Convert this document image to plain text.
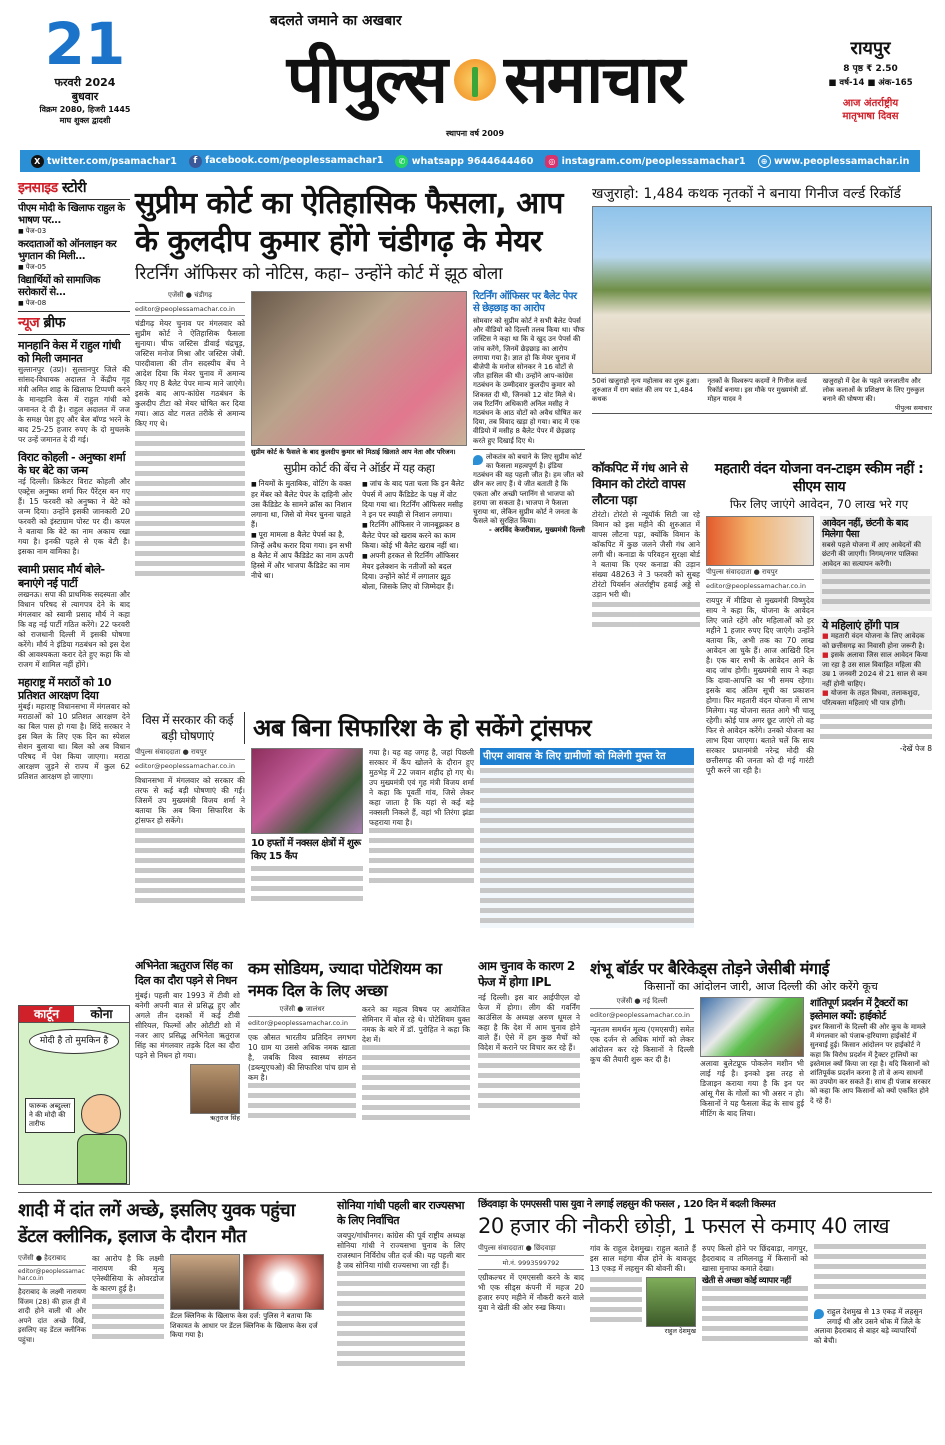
21
फरवरी 2024
बुधवार
विक्रम 2080, हिजरी 1445
माघ शुक्ल द्वादशी
बदलते जमाने का अखबार
पीपुल्स समाचार
स्थापना वर्ष 2009
रायपुर
8 पृष्ठ ₹ 2.50
■ वर्ष-14 ■ अंक-165
आज अंतर्राष्ट्रीय
मातृभाषा दिवस
X twitter.com/psamachar1	f facebook.com/peoplessamachar1	✆ whatsapp 9644644460	◎ instagram.com/peoplessamachar1	⊕ www.peoplessamachar.in
इनसाइड स्टोरी
पीएम मोदी के खिलाफ राहुल के भाषण पर...
■ पेज-03
करदाताओं को ऑनलाइन कर भुगतान की मिली...
■ पेज-05
विद्यार्थियों को सामाजिक सरोकारों से...
■ पेज-08
न्यूज ब्रीफ
मानहानि केस में राहुल गांधी को मिली जमानत

सुल्तानपुर (उप्र)। सुल्तानपुर जिले की सांसद-विधायक अदालत ने केंद्रीय गृह मंत्री अमित शाह के खिलाफ टिप्पणी करने के मानहानि केस में राहुल गांधी को जमानत दे दी है। राहुल अदालत में जज के समक्ष पेश हुए और बेल बॉण्ड भरने के बाद 25-25 हजार रुपए के दो मुचलके पर उन्हें जमानत दे दी गई।

विराट कोहली - अनुष्का शर्मा के घर बेटे का जन्म

नई दिल्ली। क्रिकेटर विराट कोहली और एक्ट्रेस अनुष्का शर्मा फिर पैरेंट्स बन गए हैं। 15 फरवरी को अनुष्का ने बेटे को जन्म दिया। उन्होंने इसकी जानकारी 20 फरवरी को इंस्टाग्राम पोस्ट पर दी। कपल ने बताया कि बेटे का नाम अकाय रखा गया है। इनकी पहले से एक बेटी है। इसका नाम वामिका है।

स्वामी प्रसाद मौर्य बोले- बनाएंगे नई पार्टी

लखनऊ। सपा की प्राथमिक सदस्यता और विधान परिषद से त्यागपत्र देने के बाद मंगलवार को स्वामी प्रसाद मौर्य ने कहा कि वह नई पार्टी गठित करेंगे। 22 फरवरी को राजधानी दिल्ली में इसकी घोषणा करेंगे। मौर्य ने इंडिया गठबंधन को इस देश की आवश्यकता करार देते हुए कहा कि वो राजग में शामिल नहीं होंगे।

महाराष्ट्र में मराठों को 10 प्रतिशत आरक्षण दिया

मुंबई। महाराष्ट्र विधानसभा में मंगलवार को मराठाओं को 10 प्रतिशत आरक्षण देने का बिल पास हो गया है। शिंदे सरकार ने इस बिल के लिए एक दिन का स्पेशल सेशन बुलाया था। बिल को अब विधान परिषद में पेश किया जाएगा। मराठा आरक्षण जुड़ने से राज्य में कुल 62 प्रतिशत आरक्षण हो जाएगा।

कार्टून	कोना
मोदी है तो मुमकिन है
फारूक अब्दुल्ला ने की मोदी की तारीफ
सुप्रीम कोर्ट का ऐतिहासिक फैसला, आप के कुलदीप कुमार होंगे चंडीगढ़ के मेयर
रिटर्निंग ऑफिसर को नोटिस, कहा– उन्होंने कोर्ट में झूठ बोला
एजेंसी ● चंडीगढ़
editor@peoplessamachar.co.in

चंडीगढ़ मेयर चुनाव पर मंगलवार को सुप्रीम कोर्ट ने ऐतिहासिक फैसला सुनाया। चीफ जस्टिस डीवाई चंद्रचूड़, जस्टिस मनोज मिश्रा और जस्टिस जेबी. पारदीवाला की तीन सदस्यीय बेंच ने आदेश दिया कि मेयर चुनाव में अमान्य किए गए 8 बैलेट पेपर मान्य माने जाएंगे। इसके बाद आप-कांग्रेस गठबंधन के कुलदीप टीटा को मेयर घोषित कर दिया गया। आठ वोट गलत तरीके से अमान्य किए गए थे।

सुप्रीम कोर्ट के फैसले के बाद कुलदीप कुमार को मिठाई खिलाते आप नेता और परिजन।
सुप्रीम कोर्ट की बेंच ने ऑर्डर में यह कहा

■ नियमों के मुताबिक, वोटिंग के वक्त हर मेंबर को बैलेट पेपर के दाहिनी ओर उस कैंडिडेट के सामने क्रॉस का निशान लगाना था, जिसे वो मेयर चुनना चाहते हैं।

■ पूरा मामला 8 बैलेट पेपर्स का है, जिन्हें अवैध करार दिया गया। इन सभी 8 बैलेट में आप कैंडिडेट का नाम ऊपरी हिस्से में और भाजपा कैंडिडेट का नाम नीचे था।

■ जांच के बाद पता चला कि इन बैलेट पेपर्स में आप कैंडिडेट के पक्ष में वोट दिया गया था। रिटर्निंग ऑफिसर मसीह ने इन पर स्याही से निशान लगाया।

■ रिटर्निंग ऑफिसर ने जानबूझकर 8 बैलेट पेपर को खराब करने का काम किया। कोई भी बैलेट खराब नहीं था।

■ अपनी हरकत से रिटर्निंग ऑफिसर मेयर इलेक्शन के नतीजों को बदल दिया। उन्होंने कोर्ट में लगातार झूठ बोला, जिसके लिए वो जिम्मेदार हैं।

रिटर्निंग ऑफिसर पर बैलेट पेपर से छेड़छाड़ का आरोप

सोमवार को सुप्रीम कोर्ट ने सभी बैलेट पेपर्स और वीडियो को दिल्ली तलब किया था। चीफ जस्टिस ने कहा था कि वे खुद उन पेपर्स की जांच करेंगे, जिनमें छेड़छाड़ का आरोप लगाया गया है। ज्ञात हो कि मेयर चुनाव में बीजेपी के मनोज सोनकर ने 16 वोटों से जीत हासिल की थी। उन्होंने आप-कांग्रेस गठबंधन के उम्मीदवार कुलदीप कुमार को शिकस्त दी थी, जिनको 12 वोट मिले थे। जब रिटर्निंग अधिकारी अनिल मसीह ने गठबंधन के आठ वोटों को अवैध घोषित कर दिया, तब विवाद खड़ा हो गया। बाद में एक वीडियो में मसीह 8 बैलेट पेपर में छेड़छाड़ करते हुए दिखाई दिए थे।

लोकतंत्र को बचाने के लिए सुप्रीम कोर्ट का फैसला महत्वपूर्ण है। इंडिया गठबंधन की यह पहली जीत है। हम जीत को छीन कर लाए हैं। ये जीत बताती है कि एकता और अच्छी प्लानिंग से भाजपा को हराया जा सकता है। भाजपा ने फैसला चुराया था, लेकिन सुप्रीम कोर्ट ने जनता के फैसले को सुरक्षित किया।

- अरविंद केजरीवाल, मुख्यमंत्री दिल्ली

खजुराहो: 1,484 कथक नृतकों ने बनाया गिनीज वर्ल्ड रिकॉर्ड

50वां खजुराहो नृत्य महोत्सव का शुरू हुआ। शुरुआत में राग बसंत की लय पर 1,484 कथक

नृतकों के विश्वरूप कदमों ने गिनीज वर्ल्ड रिकॉर्ड बनाया। इस मौके पर मुख्यमंत्री डॉ. मोहन यादव ने

खजुराहो में देश के पहले जनजातीय और लोक कलाओं के प्रशिक्षण के लिए गुरुकुल बनाने की घोषणा की।

पीपुल्स समाचार
कॉकपिट में गंध आने से विमान को टोरंटो वापस लौटना पड़ा

टोरंटो। टोरंटो से न्यूयॉर्क सिटी जा रहे विमान को इस महीने की शुरुआत में वापस लौटना पड़ा, क्योंकि विमान के कॉकपिट में कुछ जलने जैसी गंध आने लगी थी। कनाडा के परिवहन सुरक्षा बोर्ड ने बताया कि एयर कनाडा की उड़ान संख्या 48263 ने 3 फरवरी को सुबह टोरंटो पियर्सन अंतर्राष्ट्रीय हवाई अड्डे से उड़ान भरी थी।

महतारी वंदन योजना वन-टाइम स्कीम नहीं : सीएम साय
फिर लिए जाएंगे आवेदन, 70 लाख भरे गए
पीपुल्स संवाददाता ● रायपुर
editor@peoplessamachar.co.in

रायपुर में मीडिया से मुख्यमंत्री विष्णुदेव साय ने कहा कि, योजना के आवेदन लिए जाते रहेंगे और महिलाओं को हर महीने 1 हजार रुपए दिए जाएंगे। उन्होंने बताया कि, अभी तक का 70 लाख आवेदन आ चुके हैं। आज आखिरी दिन है। एक बार सभी के आवेदन आने के बाद जांच होगी। मुख्यमंत्री साय ने कहा कि दावा-आपत्ति का भी समय रहेगा। इसके बाद अंतिम सूची का प्रकाशन होगा। फिर महतारी वंदन योजना में लाभ मिलेगा। यह योजना सतत आगे भी चालू रहेगी। कोई पात्र अगर छूट जाएंगे तो वह फिर से आवेदन करेंगे। उनको योजना का लाभ दिया जाएगा। बताते चलें कि साय सरकार प्रधानमंत्री नरेन्द्र मोदी की छत्तीसगढ़ की जनता को दी गई गारंटी पूरी करने जा रही है।

आवेदन नहीं, छंटनी के बाद मिलेगा पैसा

सबसे पहले योजना में आए आवेदनों की छंटनी की जाएगी। निगम/नगर पालिका आवेदन का सत्यापन करेंगी।

ये महिलाएं होंगी पात्र

■ महतारी वंदन योजना के लिए आवेदक को छत्तीसगढ़ का निवासी होना जरूरी है।

■ इसके अलावा जिस साल आवेदन किया जा रहा है उस साल विवाहित महिला की उम्र 1 जनवरी 2024 से 21 साल से कम नहीं होनी चाहिए।

■ योजना के तहत विधवा, तलाकशुदा, परित्यक्ता महिलाएं भी पात्र होंगी।

-देखें पेज 8
विस में सरकार की कई बड़ी घोषणाएं	अब बिना सिफारिश के हो सकेंगे ट्रांसफर
पीपुल्स संवाददाता ● रायपुर
editor@peoplessamachar.co.in

विधानसभा में मंगलवार को सरकार की तरफ से कई बड़ी घोषणाएं की गईं। जिसमें उप मुख्यमंत्री विजय शर्मा ने बताया कि अब बिना सिफारिश के ट्रांसफर हो सकेंगे।

10 हफ्तों में नक्सल क्षेत्रों में शुरू किए 15 कैंप

गया है। यह वह जगह है, जहां पिछली सरकार में कैंप खोलने के दौरान हुए मुठभेड़ में 22 जवान शहीद हो गए थे। उप मुख्यमंत्री एवं गृह मंत्री विजय शर्मा ने कहा कि पूवर्ती गांव, जिसे लेकर कहा जाता है कि यहां से कई बड़े नक्सली निकले हैं, वहां भी तिरंगा झंडा फहराया गया है।

पीएम आवास के लिए ग्रामीणों को मिलेगी मुफ्त रेत
अभिनेता ऋतुराज सिंह का दिल का दौरा पड़ने से निधन

मुंबई। पहली बार 1993 में टीवी शो बनेगी अपनी बात से प्रसिद्ध हुए और अगले तीन दशकों में कई टीवी सीरियल, फिल्मों और ओटीटी शो में नजर आए प्रसिद्ध अभिनेता ऋतुराज सिंह का मंगलवार तड़के दिल का दौरा पड़ने से निधन हो गया।

ऋतुराज सिंह
कम सोडियम, ज्यादा पोटेशियम का नमक दिल के लिए अच्छा
एजेंसी ● जालंधर
editor@peoplessamachar.co.in

एक औसत भारतीय प्रतिदिन लगभग 10 ग्राम या उससे अधिक नमक खाता है, जबकि विश्व स्वास्थ्य संगठन (डब्ल्यूएचओ) की सिफारिश पांच ग्राम से कम है।

करने का महत्व विषय पर आयोजित सेमिनार में बोल रहे थे। पोटेशियम युक्त नमक के बारे में डॉ. पुरोहित ने कहा कि देश में।

आम चुनाव के कारण 2 फेज में होगा IPL

नई दिल्ली। इस बार आईपीएल दो फेज में होगा। लीग की गवर्निंग काउंसिल के अध्यक्ष अरुण धूमल ने कहा है कि देश में आम चुनाव होने वाले हैं। ऐसे में हम कुछ मैचों को विदेश में कराने पर विचार कर रहे हैं।

शंभू बॉर्डर पर बैरिकेड्स तोड़ने जेसीबी मंगाई
किसानों का आंदोलन जारी, आज दिल्ली की ओर करेंगे कूच
एजेंसी ● नई दिल्ली
editor@peoplessamachar.co.in

न्यूनतम समर्थन मूल्य (एमएसपी) समेत एक दर्जन से अधिक मांगों को लेकर आंदोलन कर रहे किसानों ने दिल्ली कूच की तैयारी शुरू कर दी है।	अलावा बुलेटप्रूफ पोकलेन मशीन भी लाई गई है। इनको इस तरह से डिजाइन कराया गया है कि इन पर आंसू गैस के गोलों का भी असर न हो। किसानों ने यह फैसला केंद्र के साथ हुई मीटिंग के बाद लिया।

शांतिपूर्ण प्रदर्शन में ट्रैक्टरों का इस्तेमाल क्यों: हाईकोर्ट

इधर किसानों के दिल्ली की ओर कूच के मामले में मंगलवार को पंजाब-हरियाणा हाईकोर्ट में सुनवाई हुई। किसान आंदोलन पर हाईकोर्ट ने कहा कि विरोध प्रदर्शन में ट्रैक्टर ट्रालियों का इस्तेमाल क्यों किया जा रहा है। यदि किसानों को शांतिपूर्वक प्रदर्शन करना है तो वे अन्य साधनों का उपयोग कर सकते हैं। साथ ही पंजाब सरकार को कहा कि आप किसानों को क्यों एकत्रित होने दे रहे हैं।

शादी में दांत लगें अच्छे, इसलिए युवक पहुंचा डेंटल क्लीनिक, इलाज के दौरान मौत
एजेंसी ● हैदराबाद
editor@peoplessamachar.co.in

हैदराबाद के लक्ष्मी नारायण विंजम (28) की हाल ही में शादी होने वाली थी और अपने दांत अच्छे दिखें, इसलिए वह डेंटल क्लीनिक पहुंचा।

का आरोप है कि लक्ष्मी नारायण की मृत्यु एनेस्थीसिया के ओवरडोज के कारण हुई है।

डेंटल क्लिनिक के खिलाफ केस दर्ज: पुलिस ने बताया कि शिकायत के आधार पर डेंटल क्लिनिक के खिलाफ केस दर्ज किया गया है।

सोनिया गांधी पहली बार राज्यसभा के लिए निर्वाचित

जयपुर/गांधीनगर। कांग्रेस की पूर्व राष्ट्रीय अध्यक्ष सोनिया गांधी ने राज्यसभा चुनाव के लिए राजस्थान निर्विरोध जीत दर्ज की। यह पहली बार है जब सोनिया गांधी राज्यसभा जा रही हैं।

छिंदवाड़ा के एमएससी पास युवा ने लगाई लहसुन की फसल , 120 दिन में बदली किस्मत
20 हजार की नौकरी छोड़ी, 1 फसल से कमाए 40 लाख
पीपुल्स संवाददाता ● छिंदवाड़ा
मो.नं. 9993599792

एग्रीकल्चर में एमएससी करने के बाद भी एक सीड्स कंपनी में महज 20 हजार रुपए महीने में नौकरी करने वाले युवा ने खेती की ओर रुख किया।

गांव के राहुल देशमुख। राहुल बताते हैं इस साल महंगा बीज होने के बावजूद 13 एकड़ में लहसुन की बोवनी की।

राहुल देशमुख

रुपए किलो होने पर छिंदवाड़ा, नागपुर, हैदराबाद व तमिलनाडु में किसानों को खासा मुनाफा कमाते देखा।

खेती से अच्छा कोई व्यापार नहीं

राहुल देशमुख से 13 एकड़ में लहसुन लगाई थी और उसने थोक में जिले के अलावा हैदराबाद से बाहर बड़े व्यापारियों को बेची।
